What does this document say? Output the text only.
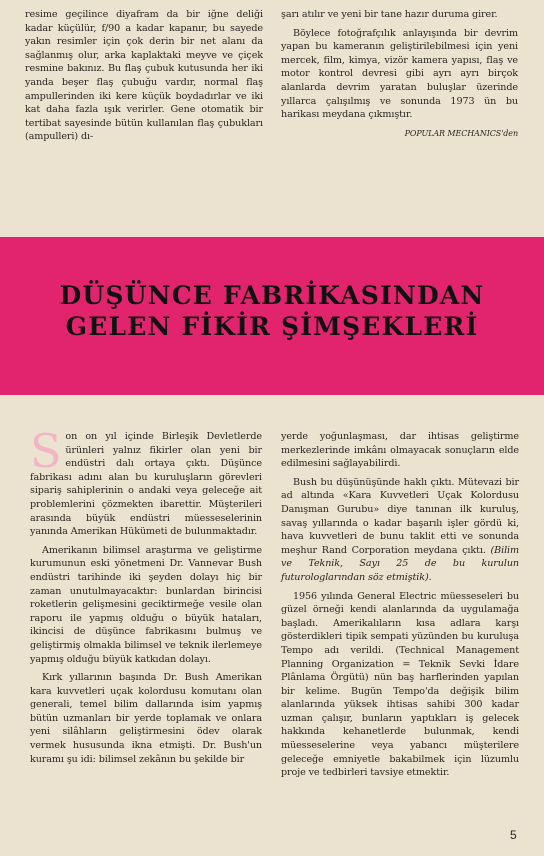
resime geçilince diyafram da bir iğne deliği kadar küçülür, f/90 a kadar kapanır, bu sayede yakın resimler için çok derin bir net alanı da sağlanmış olur, arka kaplaktaki meyve ve çiçek resmine bakınız. Bu flaş çubuk kutusunda her iki yanda beşer flaş çubuğu vardır, normal flaş ampullerinden iki kere küçük boydadırlar ve iki kat daha fazla ışık verirler. Gene otomatik bir tertibat sayesinde bütün kullanılan flaş çubukları (ampulleri) dı-

şarı atılır ve yeni bir tane hazır duruma girer.

Böylece fotoğrafçılık anlayışında bir devrim yapan bu kameranın geliştirilebilmesi için yeni mercek, film, kimya, vizör kamera yapısı, flaş ve motor kontrol devresi gibi ayrı ayrı birçok alanlarda devrim yaratan buluşlar üzerinde yıllarca çalışılmış ve sonunda 1973 ün bu harikası meydana çıkmıştır.

POPULAR MECHANICS'den
DÜŞÜNCE FABRİKASINDAN
GELEN FİKİR ŞİMŞEKLERİ

Son on yıl içinde Birleşik Devletlerde ürünleri yalnız fikirler olan yeni bir endüstri dalı ortaya çıktı. Düşünce fabrikası adını alan bu kuruluşların görevleri sipariş sahiplerinin o andaki veya geleceğe ait problemlerini çözmekten ibarettir. Müşterileri arasında büyük endüstri müesseselerinin yanında Amerikan Hükümeti de bulunmaktadır.

Amerikanın bilimsel araştırma ve geliştirme kurumunun eski yönetmeni Dr. Vannevar Bush endüstri tarihinde iki şeyden dolayı hiç bir zaman unutulmayacaktır: bunlardan birincisi roketlerin gelişmesini geciktirmeğe vesile olan raporu ile yapmış olduğu o büyük hataları, ikincisi de düşünce fabrikasını bulmuş ve geliştirmiş olmakla bilimsel ve teknik ilerlemeye yapmış olduğu büyük katkıdan dolayı.

Kırk yıllarının başında Dr. Bush Amerikan kara kuvvetleri uçak kolordusu komutanı olan generali, temel bilim dallarında isim yapmış bütün uzmanları bir yerde toplamak ve onlara yeni silâhların geliştirmesini ödev olarak vermek hususunda ikna etmişti. Dr. Bush'un kuramı şu idi: bilimsel zekânın bu şekilde bir

yerde yoğunlaşması, dar ihtisas geliştirme merkezlerinde imkânı olmayacak sonuçların elde edilmesini sağlayabilirdi.

Bush bu düşünüşünde haklı çıktı. Mütevazi bir ad altında «Kara Kuvvetleri Uçak Kolordusu Danışman Gurubu» diye tanınan ilk kuruluş, savaş yıllarında o kadar başarılı işler gördü ki, hava kuvvetleri de bunu taklit etti ve sonunda meşhur Rand Corporation meydana çıktı. (Bilim ve Teknik, Sayı 25 de bu kurulun futurologlarından söz etmiştik).

1956 yılında General Electric müesseseleri bu güzel örneği kendi alanlarında da uygulamağa başladı. Amerikalıların kısa adlara karşı gösterdikleri tipik sempati yüzünden bu kuruluşa Tempo adı verildi. (Technical Management Planning Organization = Teknik Sevki İdare Plânlama Örgütü) nün baş harflerinden yapılan bir kelime. Bugün Tempo'da değişik bilim alanlarında yüksek ihtisas sahibi 300 kadar uzman çalışır, bunların yaptıkları iş gelecek hakkında kehanetlerde bulunmak, kendi müesseselerine veya yabancı müşterilere geleceğe emniyetle bakabilmek için lüzumlu proje ve tedbirleri tavsiye etmektir.

5
